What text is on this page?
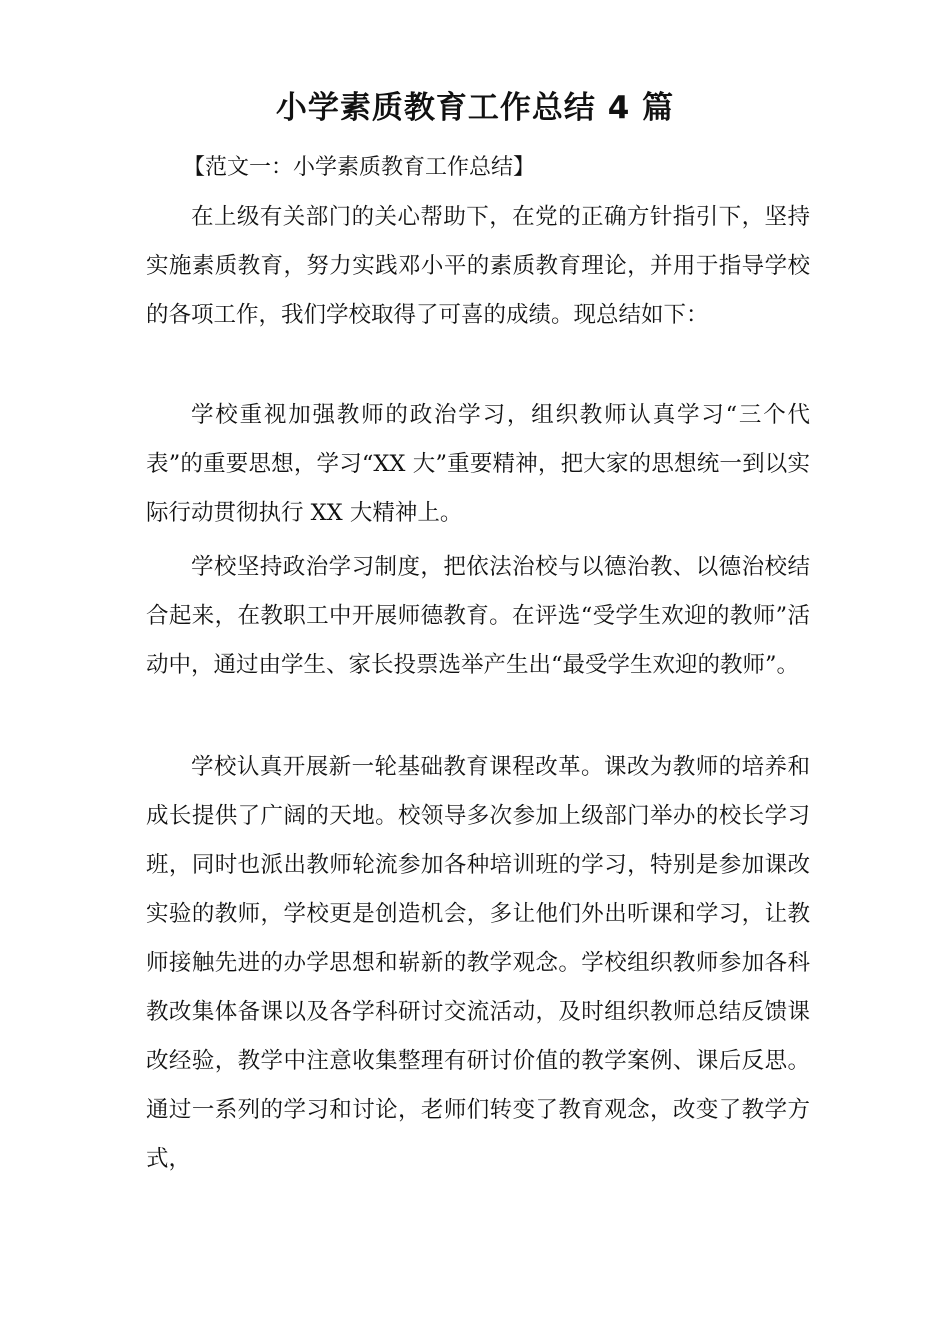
小学素质教育工作总结 4 篇

【范文一：小学素质教育工作总结】

在上级有关部门的关心帮助下，在党的正确方针指引下，坚持实施素质教育，努力实践邓小平的素质教育理论，并用于指导学校的各项工作，我们学校取得了可喜的成绩。现总结如下：

学校重视加强教师的政治学习，组织教师认真学习“三个代表”的重要思想，学习“XX 大”重要精神，把大家的思想统一到以实际行动贯彻执行 XX 大精神上。

学校坚持政治学习制度，把依法治校与以德治教、以德治校结合起来，在教职工中开展师德教育。在评选“受学生欢迎的教师”活动中，通过由学生、家长投票选举产生出“最受学生欢迎的教师”。

学校认真开展新一轮基础教育课程改革。课改为教师的培养和成长提供了广阔的天地。校领导多次参加上级部门举办的校长学习班，同时也派出教师轮流参加各种培训班的学习，特别是参加课改实验的教师，学校更是创造机会，多让他们外出听课和学习，让教师接触先进的办学思想和崭新的教学观念。学校组织教师参加各科教改集体备课以及各学科研讨交流活动，及时组织教师总结反馈课改经验，教学中注意收集整理有研讨价值的教学案例、课后反思。通过一系列的学习和讨论，老师们转变了教育观念，改变了教学方式，
